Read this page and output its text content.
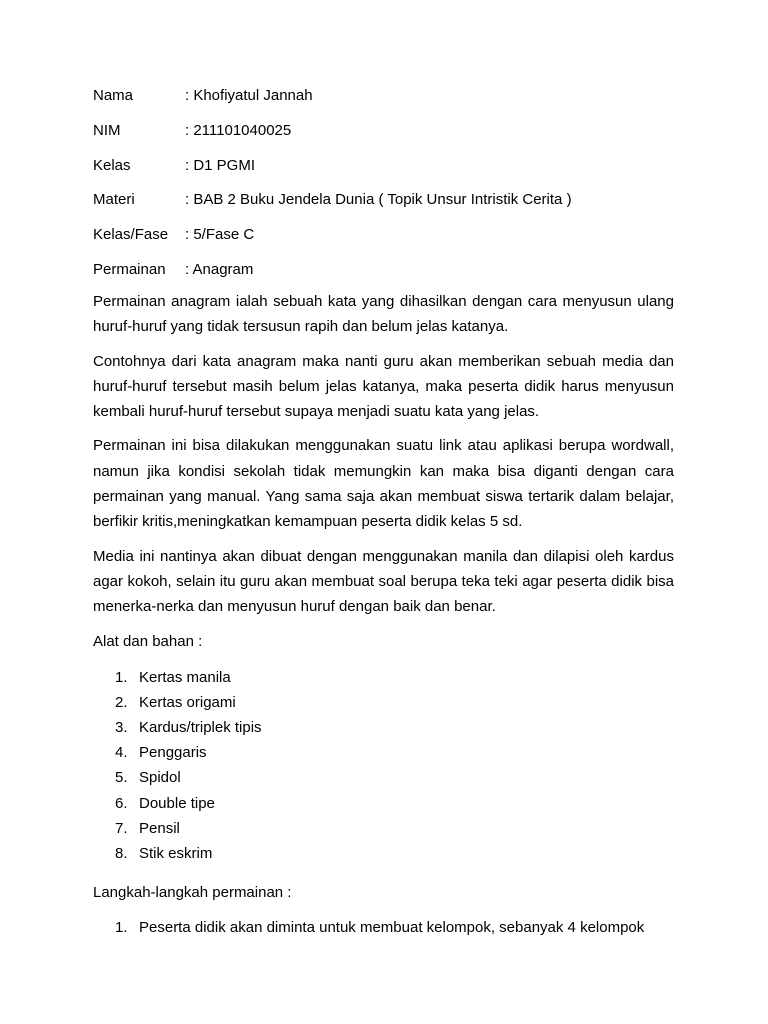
Nama	: Khofiyatul Jannah
NIM	: 211101040025
Kelas	: D1 PGMI
Materi	: BAB 2 Buku Jendela Dunia ( Topik Unsur Intristik Cerita )
Kelas/Fase	: 5/Fase C
Permainan	: Anagram

Permainan anagram ialah sebuah kata yang dihasilkan dengan cara menyusun ulang huruf-huruf yang tidak tersusun rapih dan belum jelas katanya.

Contohnya dari kata anagram maka nanti guru akan memberikan sebuah media dan huruf-huruf tersebut masih belum jelas katanya, maka peserta didik harus menyusun kembali huruf-huruf tersebut supaya menjadi suatu kata yang jelas.

Permainan ini bisa dilakukan menggunakan suatu link atau aplikasi berupa wordwall, namun jika kondisi sekolah tidak memungkin kan maka bisa diganti dengan cara permainan yang manual. Yang sama saja akan membuat siswa tertarik dalam belajar, berfikir kritis,meningkatkan kemampuan peserta didik kelas 5 sd.

Media ini nantinya akan dibuat dengan menggunakan manila dan dilapisi oleh kardus agar kokoh, selain itu guru akan membuat soal berupa teka teki agar peserta didik bisa menerka-nerka dan menyusun huruf dengan baik dan benar.

Alat dan bahan :

1. Kertas manila
2. Kertas origami
3. Kardus/triplek tipis
4. Penggaris
5. Spidol
6. Double tipe
7. Pensil
8. Stik eskrim

Langkah-langkah permainan :

1. Peserta didik akan diminta untuk membuat kelompok, sebanyak 4 kelompok
